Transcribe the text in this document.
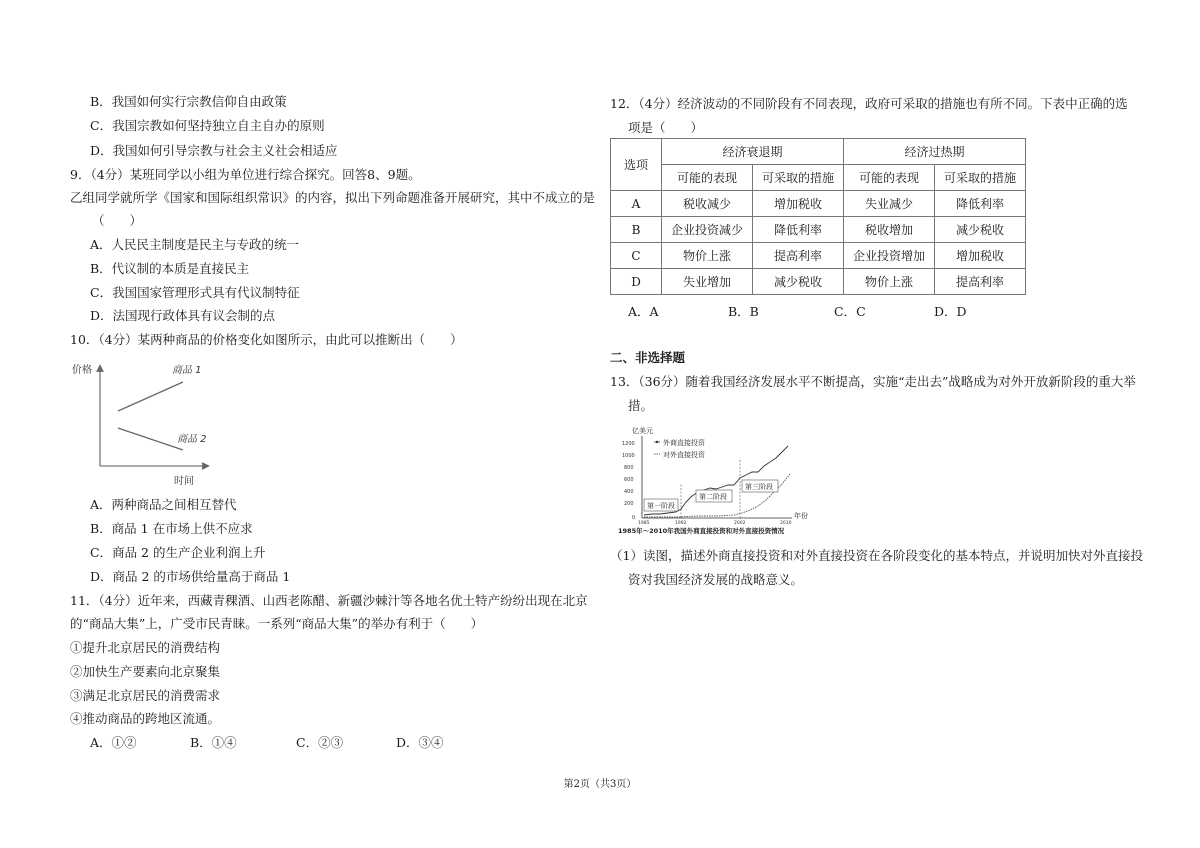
B．我国如何实行宗教信仰自由政策
C．我国宗教如何坚持独立自主自办的原则
D．我国如何引导宗教与社会主义社会相适应
9．（4分）某班同学以小组为单位进行综合探究。回答8、9题。
乙组同学就所学《国家和国际组织常识》的内容，拟出下列命题准备开展研究，其中不成立的是
（　　）
A．人民民主制度是民主与专政的统一
B．代议制的本质是直接民主
C．我国国家管理形式具有代议制特征
D．法国现行政体具有议会制的点
10．（4分）某两种商品的价格变化如图所示，由此可以推断出（　　）
价格
时间
商品 1
商品 2
A．两种商品之间相互替代
B．商品 1 在市场上供不应求
C．商品 2 的生产企业利润上升
D．商品 2 的市场供给量高于商品 1
11．（4分）近年来，西藏青稞酒、山西老陈醋、新疆沙棘汁等各地名优土特产纷纷出现在北京
的“商品大集”上，广受市民青睐。一系列“商品大集”的举办有利于（　　）
①提升北京居民的消费结构
②加快生产要素向北京聚集
③满足北京居民的消费需求
④推动商品的跨地区流通。
A．①②	B．①④	C．②③	D．③④
12．（4分）经济波动的不同阶段有不同表现，政府可采取的措施也有所不同。下表中正确的选
项是（　　）
选项	经济衰退期		经济过热期	
	可能的表现	可采取的措施	可能的表现	可采取的措施
A	税收减少	增加税收	失业减少	降低利率
B	企业投资减少	降低利率	税收增加	减少税收
C	物价上涨	提高利率	企业投资增加	增加税收
D	失业增加	减少税收	物价上涨	提高利率
A．A	B．B	C．C	D．D
二、非选择题
13．（36分）随着我国经济发展水平不断提高，实施“走出去”战略成为对外开放新阶段的重大举
措。
亿美元
1200
1000
800
600
400
200
0
外商直接投资
对外直接投资
第一阶段
第二阶段
第三阶段
年份
1985	1992	2002	2010
1985年～2010年我国外商直接投资和对外直接投资情况
（1）读图，描述外商直接投资和对外直接投资在各阶段变化的基本特点，并说明加快对外直接投
资对我国经济发展的战略意义。
第2页（共3页）
